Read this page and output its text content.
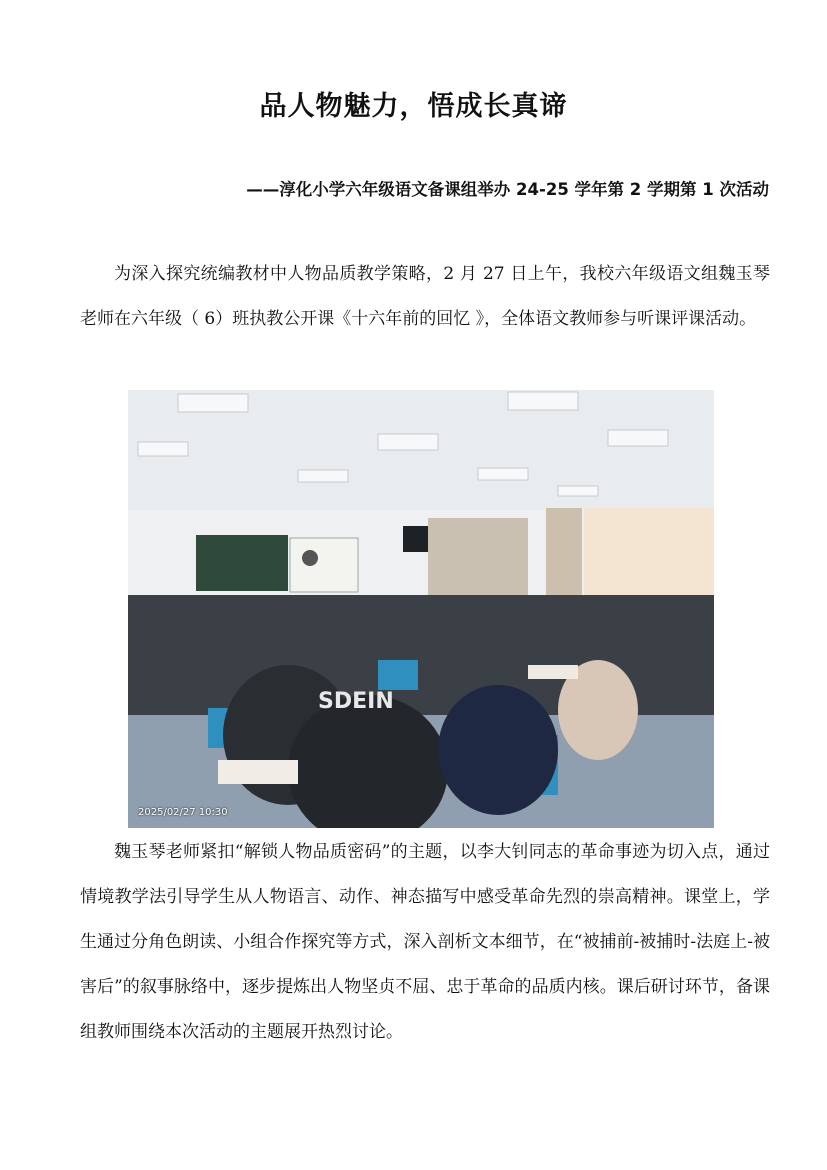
品人物魅力，悟成长真谛
——淳化小学六年级语文备课组举办 24-25 学年第 2 学期第 1 次活动

为深入探究统编教材中人物品质教学策略，2 月 27 日上午，我校六年级语文组魏玉琴老师在六年级（ 6）班执教公开课《十六年前的回忆 》，全体语文教师参与听课评课活动。

SDEIN
2025/02/27 10:30

魏玉琴老师紧扣“解锁人物品质密码”的主题，以李大钊同志的革命事迹为切入点，通过情境教学法引导学生从人物语言、动作、神态描写中感受革命先烈的崇高精神。课堂上，学生通过分角色朗读、小组合作探究等方式，深入剖析文本细节，在“被捕前-被捕时-法庭上-被害后”的叙事脉络中，逐步提炼出人物坚贞不屈、忠于革命的品质内核。课后研讨环节，备课组教师围绕本次活动的主题展开热烈讨论。
